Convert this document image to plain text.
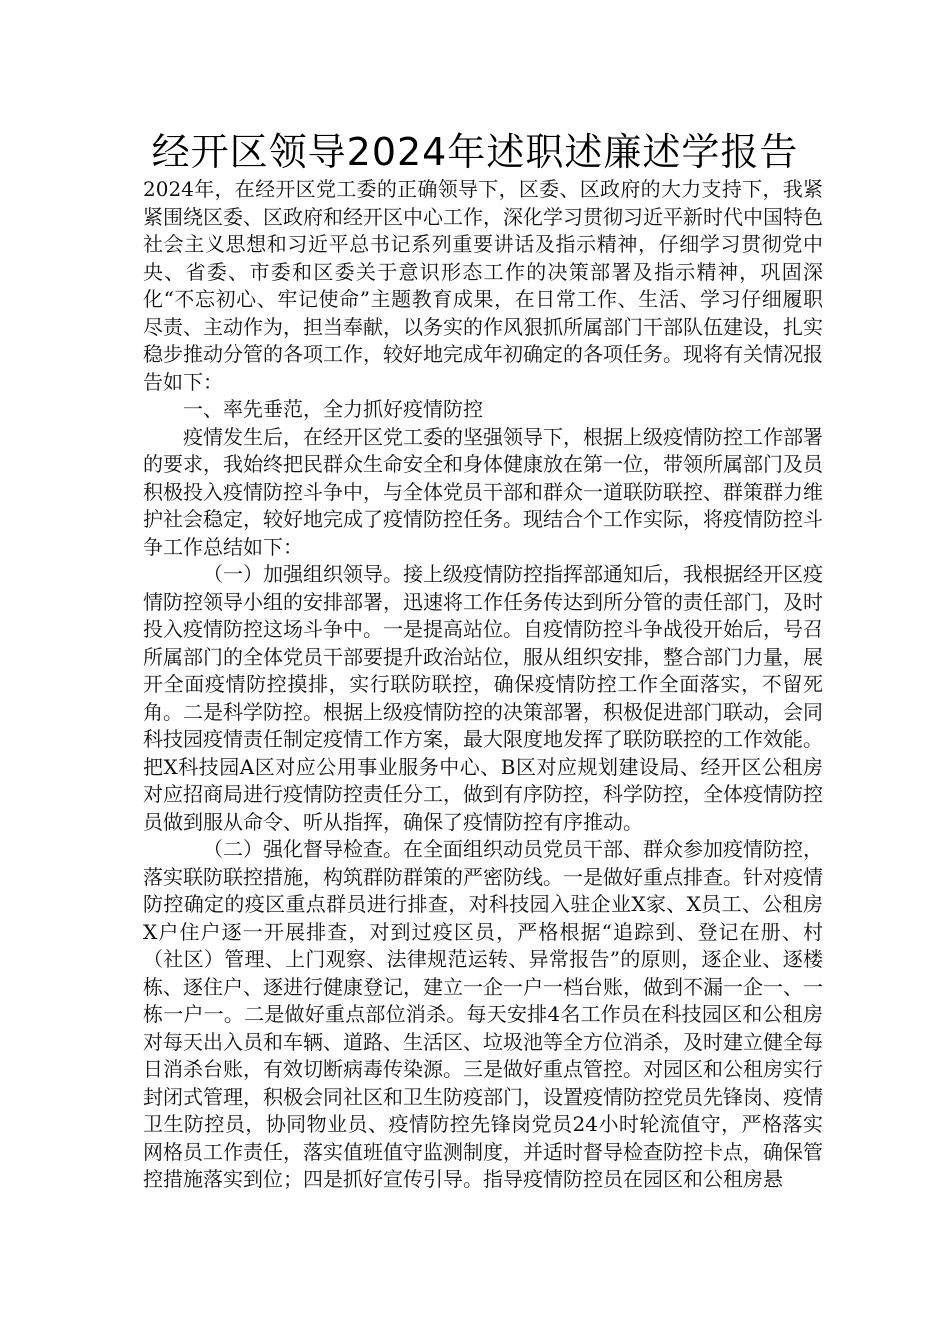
经开区领导2024年述职述廉述学报告

2024年，在经开区党工委的正确领导下，区委、区政府的大力支持下，我紧紧围绕区委、区政府和经开区中心工作，深化学习贯彻习近平新时代中国特色社会主义思想和习近平总书记系列重要讲话及指示精神，仔细学习贯彻党中央、省委、市委和区委关于意识形态工作的决策部署及指示精神，巩固深化“不忘初心、牢记使命”主题教育成果，在日常工作、生活、学习仔细履职尽责、主动作为，担当奉献，以务实的作风狠抓所属部门干部队伍建设，扎实稳步推动分管的各项工作，较好地完成年初确定的各项任务。现将有关情况报告如下：

一、率先垂范，全力抓好疫情防控

疫情发生后，在经开区党工委的坚强领导下，根据上级疫情防控工作部署的要求，我始终把民群众生命安全和身体健康放在第一位，带领所属部门及员积极投入疫情防控斗争中，与全体党员干部和群众一道联防联控、群策群力维护社会稳定，较好地完成了疫情防控任务。现结合个工作实际，将疫情防控斗争工作总结如下：

（一）加强组织领导。接上级疫情防控指挥部通知后，我根据经开区疫情防控领导小组的安排部署，迅速将工作任务传达到所分管的责任部门，及时投入疫情防控这场斗争中。一是提高站位。自疫情防控斗争战役开始后，号召所属部门的全体党员干部要提升政治站位，服从组织安排，整合部门力量，展开全面疫情防控摸排，实行联防联控，确保疫情防控工作全面落实，不留死角。二是科学防控。根据上级疫情防控的决策部署，积极促进部门联动，会同科技园疫情责任制定疫情工作方案，最大限度地发挥了联防联控的工作效能。把X科技园A区对应公用事业服务中心、B区对应规划建设局、经开区公租房对应招商局进行疫情防控责任分工，做到有序防控，科学防控，全体疫情防控员做到服从命令、听从指挥，确保了疫情防控有序推动。

（二）强化督导检查。在全面组织动员党员干部、群众参加疫情防控，落实联防联控措施，构筑群防群策的严密防线。一是做好重点排查。针对疫情防控确定的疫区重点群员进行排查，对科技园入驻企业X家、X员工、公租房X户住户逐一开展排查，对到过疫区员，严格根据“追踪到、登记在册、村（社区）管理、上门观察、法律规范运转、异常报告”的原则，逐企业、逐楼栋、逐住户、逐进行健康登记，建立一企一户一档台账，做到不漏一企一、一栋一户一。二是做好重点部位消杀。每天安排4名工作员在科技园区和公租房对每天出入员和车辆、道路、生活区、垃圾池等全方位消杀，及时建立健全每日消杀台账，有效切断病毒传染源。三是做好重点管控。对园区和公租房实行封闭式管理，积极会同社区和卫生防疫部门，设置疫情防控党员先锋岗、疫情卫生防控员，协同物业员、疫情防控先锋岗党员24小时轮流值守，严格落实网格员工作责任，落实值班值守监测制度，并适时督导检查防控卡点，确保管控措施落实到位；四是抓好宣传引导。指导疫情防控员在园区和公租房悬
